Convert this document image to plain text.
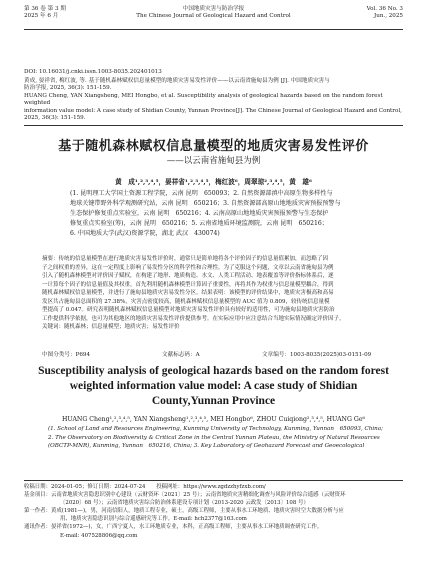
第 36 卷 第 3 期
2025 年 6 月
中国地质灾害与防治学报
The Chinese Journal of Geological Hazard and Control
Vol. 36 No. 3
Jun., 2025
DOI: 10.16031/j.cnki.issn.1003-8035.202401013
黄成, 晏祥省, 梅红波, 等. 基于随机森林赋权信息量模型的地质灾害易发性评价——以云南省施甸县为例 [J]. 中国地质灾害与
防治学报, 2025, 36(3): 151-159.
HUANG Cheng, YAN Xiangsheng, MEI Hongbo, et al. Susceptibility analysis of geological hazards based on the random forest weighted
information value model: A case study of Shidian County, Yunnan Province[J]. The Chinese Journal of Geological Hazard and Control,
2025, 36(3): 151-159.
基于随机森林赋权信息量模型的地质灾害易发性评价
——以云南省施甸县为例
黄　成¹,²,³,⁴,⁵，晏祥省¹,²,³,⁴,⁵，梅红波⁶，周翠琼²,³,⁴,⁵，黄　雄⁶
(1. 昆明理工大学国土资源工程学院，云南 昆明　650093；2. 自然资源部滇中高原生物多样性与
地球关键带野外科学观测研究站，云南 昆明　650216；3. 自然资源部高原山地地质灾害预报预警与
生态保护修复重点实验室，云南 昆明　650216；4. 云南高原山地地质灾害预报预警与生态保护
修复重点实验室(筹)，云南 昆明　650216；5. 云南省地质环境监测院，云南 昆明　650216；
6. 中国地质大学(武汉)资源学院，湖北 武汉　430074)
摘要：传统的信息量模型在进行地质灾害易发性评价时，通常只是简单地将各个评价因子的信息量值累加，而忽略了因
子之间权重的差异，这在一定程度上影响了易发性分区的科学性和合理性。为了克服这个问题，文章以云南省施甸县为例
引入了随机森林模型对评价因子赋权，在构建了地形、地质构造、水文、人类工程活动、地表覆盖等评价指标体系后，逐
一计算每个因子的信息量值及其权重。首先利用随机森林模型计算因子重要性，再将其作为权重与信息量模型耦合，得到
随机森林赋权信息量模型，并进行了施甸县地质灾害易发性分区。结果表明：该模型的评价结果中，地质灾害极高和高易
发区共占施甸县总面积的 27.38%，灾害点密度较高，随机森林赋权信息量模型的 AUC 值为 0.809，较传统信息量模
型提高了 0.047。研究表明随机森林赋权信息量模型对地质灾害易发性评价具有较好的适用性，可为施甸县地质灾害防治
工作提供科学依据，也可为其他地区的地质灾害易发性评价提供参考。在实际应用中应注意结合当地实际情况确定评价因子。
关键词：随机森林；信息量模型；地质灾害；易发性评价
中图分类号：P694	文献标志码：A	文章编号：1003-8035(2025)03-0151-09
Susceptibility analysis of geological hazards based on the random forest
weighted information value model: A case study of Shidian
County,Yunnan Province
HUANG Cheng¹,²,³,⁴,⁵, YAN Xiangsheng¹,²,³,⁴,⁵, MEI Hongbo⁶, ZHOU Cuiqiong²,³,⁴,⁵, HUANG Ge⁶
(1. School of Land and Resources Engineering, Kunming University of Technology, Kunming, Yunnan　650093, China;
2. The Observatory on Biodiversity & Critical Zone in the Central Yunnan Plateau, the Ministry of Natural Resources
(OBCTP-MNR), Kunming, Yunnan　650216, China; 3. Key Laboratory of Geohazard Forecast and Geoecological
收稿日期：2024-01-05；修订日期：2024-07-24　　投稿网址：https://www.zgdzzhyfzxb.com/
基金项目：云南省地质灾害隐患识别中心建设（云财资环〔2021〕25 号）；云南省地质灾害精细化调查与风险评价综合遥感（云财资环
〔2020〕68 号）；云南省地质灾害综合防治体系建设专项计划（2013-2020 云政发〔2013〕108 号）
第一作者：黄成(1981—)，男，河南信阳人，地质工程专业，硕士，高级工程师，主要从事水工环地质、地质灾害时空大数据分析与应
用、地质灾害隐患识别与综合遥感研究等工作。E-mail: hch2377@163.com
通讯作者：晏祥省(1972—)，女，广西宁夏人，水工环地质专业，本科，正高级工程师，主要从事水工环地质调查研究工作。
E-mail: 407528806@qq.com
